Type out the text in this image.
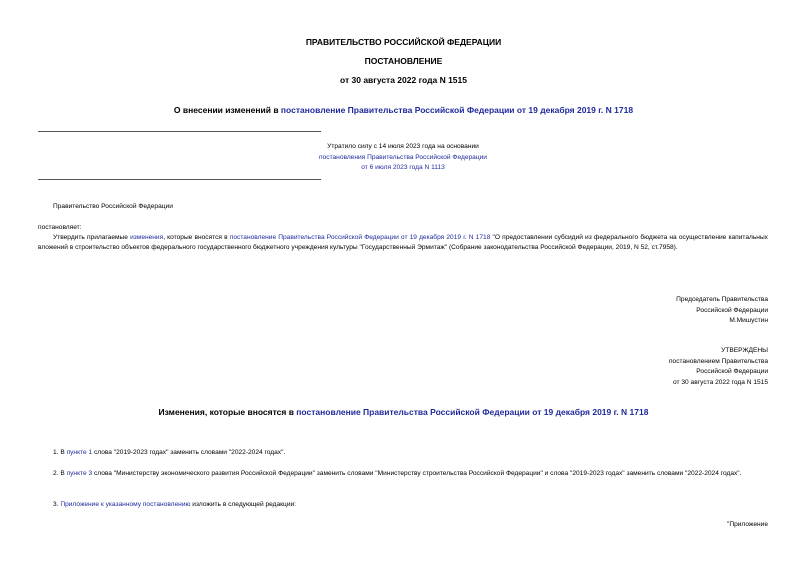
ПРАВИТЕЛЬСТВО РОССИЙСКОЙ ФЕДЕРАЦИИ
ПОСТАНОВЛЕНИЕ
от 30 августа 2022 года N 1515
О внесении изменений в постановление Правительства Российской Федерации от 19 декабря 2019 г. N 1718
Утратило силу с 14 июля 2023 года на основании
постановления Правительства Российской Федерации
от 6 июля 2023 года N 1113
Правительство Российской Федерации
постановляет:
Утвердить прилагаемые изменения, которые вносятся в постановление Правительства Российской Федерации от 19 декабря 2019 г. N 1718 "О предоставлении субсидий из федерального бюджета на осуществление капитальных вложений в строительство объектов федерального государственного бюджетного учреждения культуры "Государственный Эрмитаж" (Собрание законодательства Российской Федерации, 2019, N 52, ст.7958).
Председатель Правительства
Российской Федерации
М.Мишустин
УТВЕРЖДЕНЫ
постановлением Правительства
Российской Федерации
от 30 августа 2022 года N 1515
Изменения, которые вносятся в постановление Правительства Российской Федерации от 19 декабря 2019 г. N 1718
1. В пункте 1 слова "2019-2023 годах" заменить словами "2022-2024 годах".
2. В пункте 3 слова "Министерству экономического развития Российской Федерации" заменить словами "Министерству строительства Российской Федерации" и слова "2019-2023 годах" заменить словами "2022-2024 годах".
3. Приложение к указанному постановлению изложить в следующей редакции:
"Приложение
